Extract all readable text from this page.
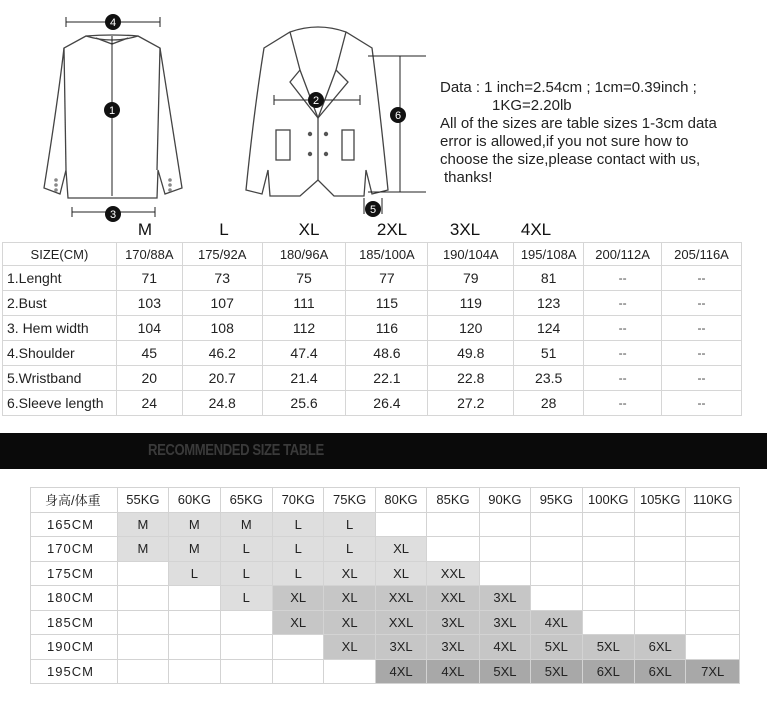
1
2
4
5
6
3
Data : 1 inch=2.54cm ; 1cm=0.39inch ;
1KG=2.20lb
All of the sizes are table sizes 1-3cm data
error is allowed,if you not sure how to
choose the size,please contact with us,
thanks!
M	L	XL	2XL	3XL 4XL
SIZE(CM)	170/88A	175/92A	180/96A	185/100A	190/104A	195/108A	200/112A	205/116A
1.Lenght	71	73	75	77	79	81	--	--
2.Bust	103	107	111	115	119	123	--	--
3. Hem width	104	108	112	116	120	124	--	--
4.Shoulder	45	46.2	47.4	48.6	49.8	51	--	--
5.Wristband	20	20.7	21.4	22.1	22.8	23.5	--	--
6.Sleeve length	24	24.8	25.6	26.4	27.2	28	--	--
RECOMMENDED SIZE TABLE
身高/体重	55KG	60KG	65KG	70KG	75KG	80KG	85KG	90KG	95KG	100KG	105KG	110KG
165CM	M	M	M	L	L							
170CM	M	M	L	L	L	XL						
175CM		L	L	L	XL	XL	XXL					
180CM			L	XL	XL	XXL	XXL	3XL				
185CM				XL	XL	XXL	3XL	3XL	4XL			
190CM					XL	3XL	3XL	4XL	5XL	5XL	6XL	
195CM						4XL	4XL	5XL	5XL	6XL	6XL	7XL
